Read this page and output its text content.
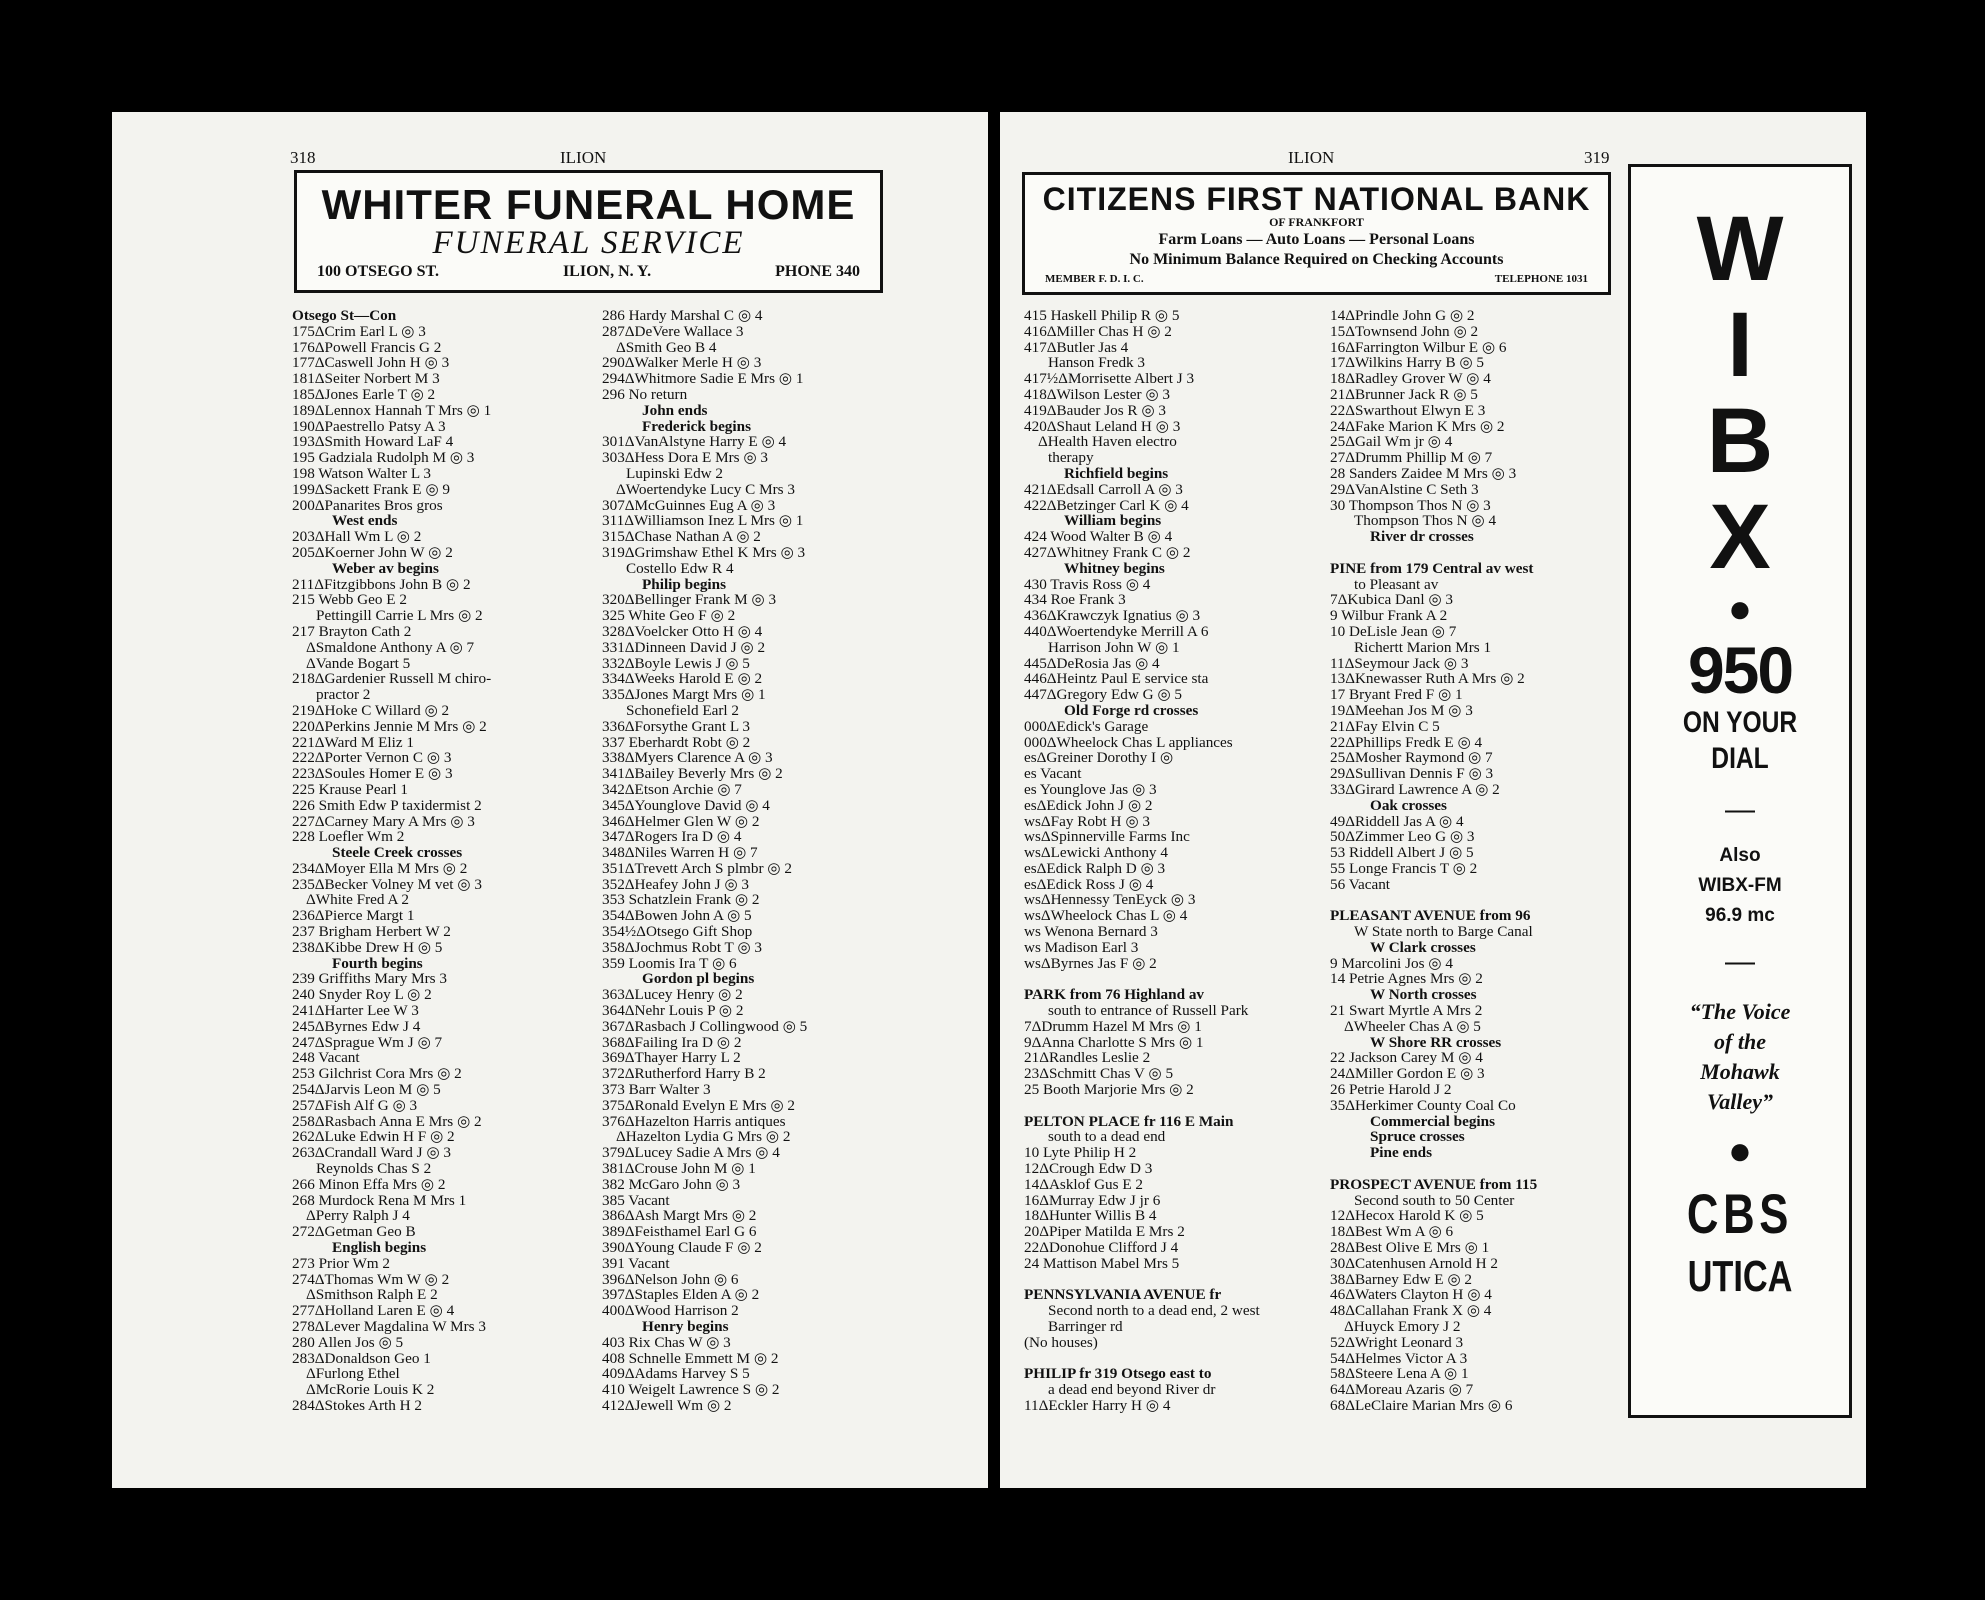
318	ILION
WHITER FUNERAL HOME
FUNERAL SERVICE
100 OTSEGO ST.	ILION, N. Y.	PHONE 340
Otsego St—Con
175ΔCrim Earl L ◎ 3
176ΔPowell Francis G 2
177ΔCaswell John H ◎ 3
181ΔSeiter Norbert M 3
185ΔJones Earle T ◎ 2
189ΔLennox Hannah T Mrs ◎ 1
190ΔPaestrello Patsy A 3
193ΔSmith Howard LaF 4
195 Gadziala Rudolph M ◎ 3
198 Watson Walter L 3
199ΔSackett Frank E ◎ 9
200ΔPanarites Bros gros
West ends
203ΔHall Wm L ◎ 2
205ΔKoerner John W ◎ 2
Weber av begins
211ΔFitzgibbons John B ◎ 2
215 Webb Geo E 2
Pettingill Carrie L Mrs ◎ 2
217 Brayton Cath 2
ΔSmaldone Anthony A ◎ 7
ΔVande Bogart 5
218ΔGardenier Russell M chiro-
practor 2
219ΔHoke C Willard ◎ 2
220ΔPerkins Jennie M Mrs ◎ 2
221ΔWard M Eliz 1
222ΔPorter Vernon C ◎ 3
223ΔSoules Homer E ◎ 3
225 Krause Pearl 1
226 Smith Edw P taxidermist 2
227ΔCarney Mary A Mrs ◎ 3
228 Loefler Wm 2
Steele Creek crosses
234ΔMoyer Ella M Mrs ◎ 2
235ΔBecker Volney M vet ◎ 3
ΔWhite Fred A 2
236ΔPierce Margt 1
237 Brigham Herbert W 2
238ΔKibbe Drew H ◎ 5
Fourth begins
239 Griffiths Mary Mrs 3
240 Snyder Roy L ◎ 2
241ΔHarter Lee W 3
245ΔByrnes Edw J 4
247ΔSprague Wm J ◎ 7
248 Vacant
253 Gilchrist Cora Mrs ◎ 2
254ΔJarvis Leon M ◎ 5
257ΔFish Alf G ◎ 3
258ΔRasbach Anna E Mrs ◎ 2
262ΔLuke Edwin H F ◎ 2
263ΔCrandall Ward J ◎ 3
Reynolds Chas S 2
266 Minon Effa Mrs ◎ 2
268 Murdock Rena M Mrs 1
ΔPerry Ralph J 4
272ΔGetman Geo B
English begins
273 Prior Wm 2
274ΔThomas Wm W ◎ 2
ΔSmithson Ralph E 2
277ΔHolland Laren E ◎ 4
278ΔLever Magdalina W Mrs 3
280 Allen Jos ◎ 5
283ΔDonaldson Geo 1
ΔFurlong Ethel
ΔMcRorie Louis K 2
284ΔStokes Arth H 2
286 Hardy Marshal C ◎ 4
287ΔDeVere Wallace 3
ΔSmith Geo B 4
290ΔWalker Merle H ◎ 3
294ΔWhitmore Sadie E Mrs ◎ 1
296 No return
John ends
Frederick begins
301ΔVanAlstyne Harry E ◎ 4
303ΔHess Dora E Mrs ◎ 3
Lupinski Edw 2
ΔWoertendyke Lucy C Mrs 3
307ΔMcGuinnes Eug A ◎ 3
311ΔWilliamson Inez L Mrs ◎ 1
315ΔChase Nathan A ◎ 2
319ΔGrimshaw Ethel K Mrs ◎ 3
Costello Edw R 4
Philip begins
320ΔBellinger Frank M ◎ 3
325 White Geo F ◎ 2
328ΔVoelcker Otto H ◎ 4
331ΔDinneen David J ◎ 2
332ΔBoyle Lewis J ◎ 5
334ΔWeeks Harold E ◎ 2
335ΔJones Margt Mrs ◎ 1
Schonefield Earl 2
336ΔForsythe Grant L 3
337 Eberhardt Robt ◎ 2
338ΔMyers Clarence A ◎ 3
341ΔBailey Beverly Mrs ◎ 2
342ΔEtson Archie ◎ 7
345ΔYounglove David ◎ 4
346ΔHelmer Glen W ◎ 2
347ΔRogers Ira D ◎ 4
348ΔNiles Warren H ◎ 7
351ΔTrevett Arch S plmbr ◎ 2
352ΔHeafey John J ◎ 3
353 Schatzlein Frank ◎ 2
354ΔBowen John A ◎ 5
354½ΔOtsego Gift Shop
358ΔJochmus Robt T ◎ 3
359 Loomis Ira T ◎ 6
Gordon pl begins
363ΔLucey Henry ◎ 2
364ΔNehr Louis P ◎ 2
367ΔRasbach J Collingwood ◎ 5
368ΔFailing Ira D ◎ 2
369ΔThayer Harry L 2
372ΔRutherford Harry B 2
373 Barr Walter 3
375ΔRonald Evelyn E Mrs ◎ 2
376ΔHazelton Harris antiques
ΔHazelton Lydia G Mrs ◎ 2
379ΔLucey Sadie A Mrs ◎ 4
381ΔCrouse John M ◎ 1
382 McGaro John ◎ 3
385 Vacant
386ΔAsh Margt Mrs ◎ 2
389ΔFeisthamel Earl G 6
390ΔYoung Claude F ◎ 2
391 Vacant
396ΔNelson John ◎ 6
397ΔStaples Elden A ◎ 2
400ΔWood Harrison 2
Henry begins
403 Rix Chas W ◎ 3
408 Schnelle Emmett M ◎ 2
409ΔAdams Harvey S 5
410 Weigelt Lawrence S ◎ 2
412ΔJewell Wm ◎ 2
ILION	319
CITIZENS FIRST NATIONAL BANK
OF FRANKFORT
Farm Loans — Auto Loans — Personal Loans
No Minimum Balance Required on Checking Accounts
MEMBER F. D. I. C.	TELEPHONE 1031
415 Haskell Philip R ◎ 5
416ΔMiller Chas H ◎ 2
417ΔButler Jas 4
Hanson Fredk 3
417½ΔMorrisette Albert J 3
418ΔWilson Lester ◎ 3
419ΔBauder Jos R ◎ 3
420ΔShaut Leland H ◎ 3
ΔHealth Haven electro
therapy
Richfield begins
421ΔEdsall Carroll A ◎ 3
422ΔBetzinger Carl K ◎ 4
William begins
424 Wood Walter B ◎ 4
427ΔWhitney Frank C ◎ 2
Whitney begins
430 Travis Ross ◎ 4
434 Roe Frank 3
436ΔKrawczyk Ignatius ◎ 3
440ΔWoertendyke Merrill A 6
Harrison John W ◎ 1
445ΔDeRosia Jas ◎ 4
446ΔHeintz Paul E service sta
447ΔGregory Edw G ◎ 5
Old Forge rd crosses
000ΔEdick's Garage
000ΔWheelock Chas L appliances
esΔGreiner Dorothy I ◎
es Vacant
es Younglove Jas ◎ 3
esΔEdick John J ◎ 2
wsΔFay Robt H ◎ 3
wsΔSpinnerville Farms Inc
wsΔLewicki Anthony 4
esΔEdick Ralph D ◎ 3
esΔEdick Ross J ◎ 4
wsΔHennessy TenEyck ◎ 3
wsΔWheelock Chas L ◎ 4
ws Wenona Bernard 3
ws Madison Earl 3
wsΔByrnes Jas F ◎ 2
PARK from 76 Highland av
south to entrance of Russell Park
7ΔDrumm Hazel M Mrs ◎ 1
9ΔAnna Charlotte S Mrs ◎ 1
21ΔRandles Leslie 2
23ΔSchmitt Chas V ◎ 5
25 Booth Marjorie Mrs ◎ 2
PELTON PLACE fr 116 E Main
south to a dead end
10 Lyte Philip H 2
12ΔCrough Edw D 3
14ΔAsklof Gus E 2
16ΔMurray Edw J jr 6
18ΔHunter Willis B 4
20ΔPiper Matilda E Mrs 2
22ΔDonohue Clifford J 4
24 Mattison Mabel Mrs 5
PENNSYLVANIA AVENUE fr
Second north to a dead end, 2 west
Barringer rd
(No houses)
PHILIP fr 319 Otsego east to
a dead end beyond River dr
11ΔEckler Harry H ◎ 4
14ΔPrindle John G ◎ 2
15ΔTownsend John ◎ 2
16ΔFarrington Wilbur E ◎ 6
17ΔWilkins Harry B ◎ 5
18ΔRadley Grover W ◎ 4
21ΔBrunner Jack R ◎ 5
22ΔSwarthout Elwyn E 3
24ΔFake Marion K Mrs ◎ 2
25ΔGail Wm jr ◎ 4
27ΔDrumm Phillip M ◎ 7
28 Sanders Zaidee M Mrs ◎ 3
29ΔVanAlstine C Seth 3
30 Thompson Thos N ◎ 3
Thompson Thos N ◎ 4
River dr crosses
PINE from 179 Central av west
to Pleasant av
7ΔKubica Danl ◎ 3
9 Wilbur Frank A 2
10 DeLisle Jean ◎ 7
Richertt Marion Mrs 1
11ΔSeymour Jack ◎ 3
13ΔKnewasser Ruth A Mrs ◎ 2
17 Bryant Fred F ◎ 1
19ΔMeehan Jos M ◎ 3
21ΔFay Elvin C 5
22ΔPhillips Fredk E ◎ 4
25ΔMosher Raymond ◎ 7
29ΔSullivan Dennis F ◎ 3
33ΔGirard Lawrence A ◎ 2
Oak crosses
49ΔRiddell Jas A ◎ 4
50ΔZimmer Leo G ◎ 3
53 Riddell Albert J ◎ 5
55 Longe Francis T ◎ 2
56 Vacant
PLEASANT AVENUE from 96
W State north to Barge Canal
W Clark crosses
9 Marcolini Jos ◎ 4
14 Petrie Agnes Mrs ◎ 2
W North crosses
21 Swart Myrtle A Mrs 2
ΔWheeler Chas A ◎ 5
W Shore RR crosses
22 Jackson Carey M ◎ 4
24ΔMiller Gordon E ◎ 3
26 Petrie Harold J 2
35ΔHerkimer County Coal Co
Commercial begins
Spruce crosses
Pine ends
PROSPECT AVENUE from 115
Second south to 50 Center
12ΔHecox Harold K ◎ 5
18ΔBest Wm A ◎ 6
28ΔBest Olive E Mrs ◎ 1
30ΔCatenhusen Arnold H 2
38ΔBarney Edw E ◎ 2
46ΔWaters Clayton H ◎ 4
48ΔCallahan Frank X ◎ 4
ΔHuyck Emory J 2
52ΔWright Leonard 3
54ΔHelmes Victor A 3
58ΔSteere Lena A ◎ 1
64ΔMoreau Azaris ◎ 7
68ΔLeClaire Marian Mrs ◎ 6
W
I
B
X
●
950
ON YOUR
DIAL
—
Also
WIBX-FM
96.9 mc
—
“The Voice
of the
Mohawk
Valley”
●
CBS
UTICA
